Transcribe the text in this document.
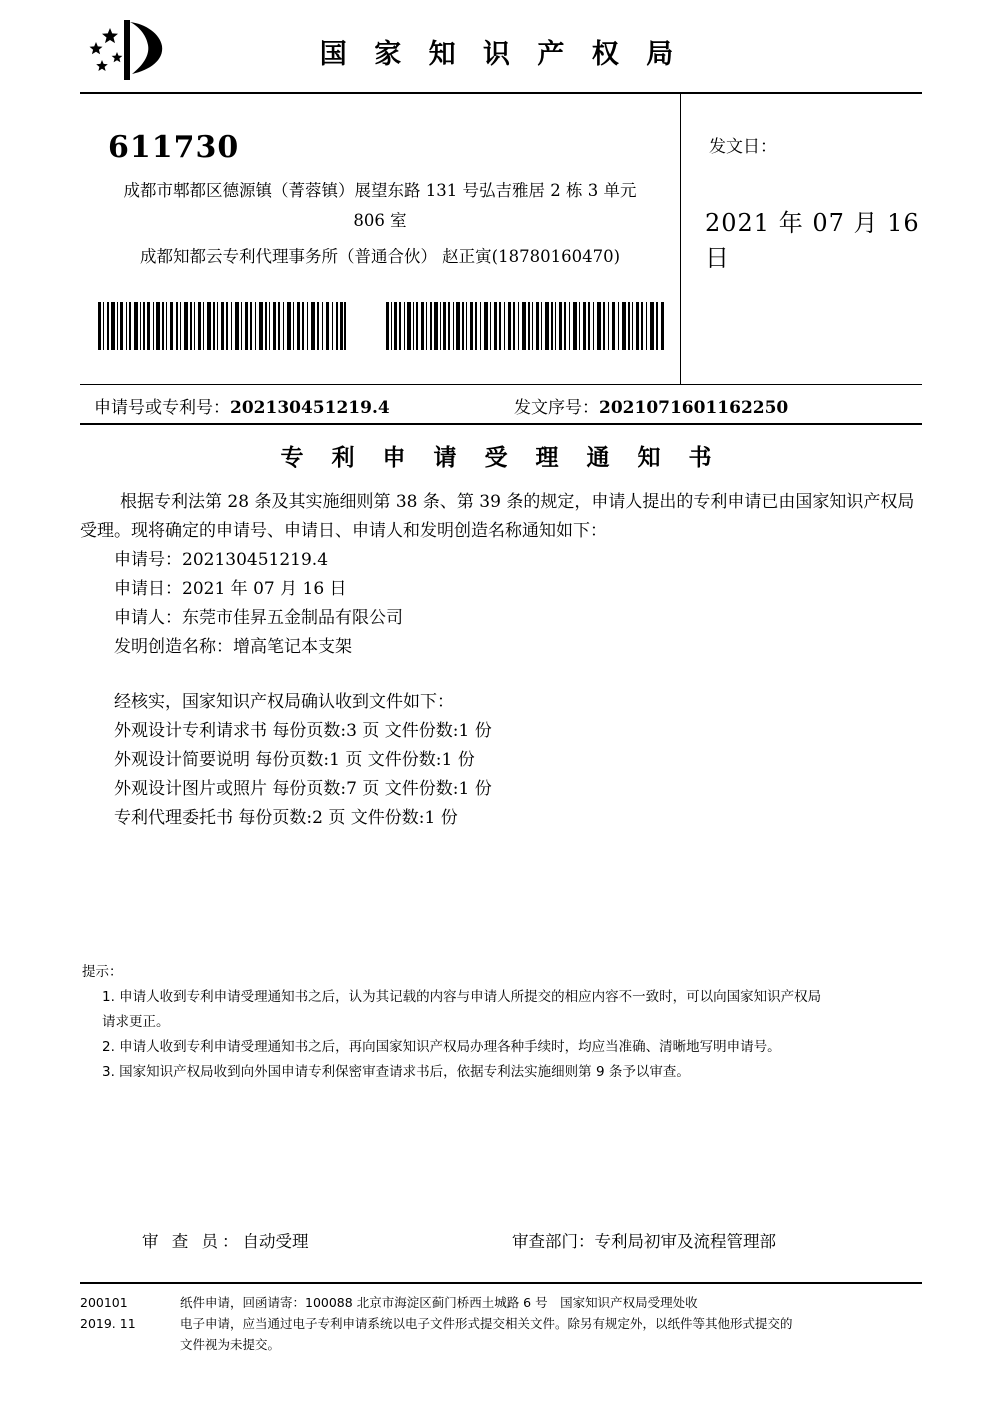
国 家 知 识 产 权 局
611730
成都市郫都区德源镇（菁蓉镇）展望东路 131 号弘吉雅居 2 栋 3 单元
806 室
成都知都云专利代理事务所（普通合伙） 赵正寅(18780160470)
发文日：
2021 年 07 月 16 日
申请号或专利号：202130451219.4	发文序号：2021071601162250
专 利 申 请 受 理 通 知 书
根据专利法第 28 条及其实施细则第 38 条、第 39 条的规定，申请人提出的专利申请已由国家知识产权局
受理。现将确定的申请号、申请日、申请人和发明创造名称通知如下：
申请号：202130451219.4
申请日：2021 年 07 月 16 日
申请人：东莞市佳昇五金制品有限公司
发明创造名称：增高笔记本支架
经核实，国家知识产权局确认收到文件如下：
外观设计专利请求书 每份页数:3 页 文件份数:1 份
外观设计简要说明 每份页数:1 页 文件份数:1 份
外观设计图片或照片 每份页数:7 页 文件份数:1 份
专利代理委托书 每份页数:2 页 文件份数:1 份
提示：
1. 申请人收到专利申请受理通知书之后，认为其记载的内容与申请人所提交的相应内容不一致时，可以向国家知识产权局
请求更正。
2. 申请人收到专利申请受理通知书之后，再向国家知识产权局办理各种手续时，均应当准确、清晰地写明申请号。
3. 国家知识产权局收到向外国申请专利保密审查请求书后，依据专利法实施细则第 9 条予以审查。
审 查 员：自动受理	审查部门：专利局初审及流程管理部
200101
2019. 11
纸件申请，回函请寄：100088 北京市海淀区蓟门桥西土城路 6 号　国家知识产权局受理处收
电子申请，应当通过电子专利申请系统以电子文件形式提交相关文件。除另有规定外，以纸件等其他形式提交的
文件视为未提交。
